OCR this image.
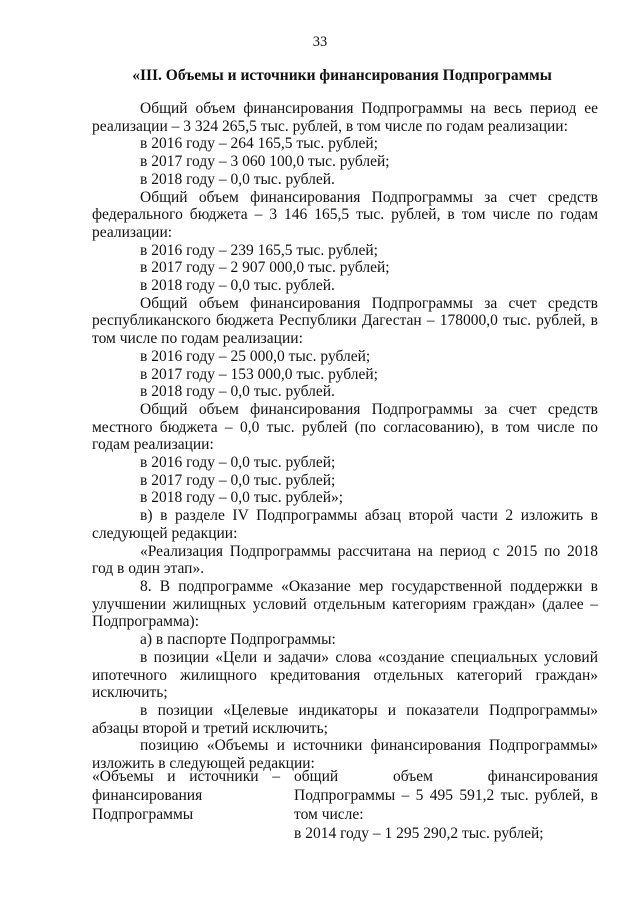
33
«III. Объемы и источники финансирования Подпрограммы

Общий объем финансирования Подпрограммы на весь период ее реализации – 3 324 265,5 тыс. рублей, в том числе по годам реализации:

в 2016 году – 264 165,5 тыс. рублей;

в 2017 году – 3 060 100,0 тыс. рублей;

в 2018 году – 0,0 тыс. рублей.

Общий объем финансирования Подпрограммы за счет средств федерального бюджета – 3 146 165,5 тыс. рублей, в том числе по годам реализации:

в 2016 году – 239 165,5 тыс. рублей;

в 2017 году – 2 907 000,0 тыс. рублей;

в 2018 году – 0,0 тыс. рублей.

Общий объем финансирования Подпрограммы за счет средств республиканского бюджета Республики Дагестан – 178000,0 тыс. рублей, в том числе по годам реализации:

в 2016 году – 25 000,0 тыс. рублей;

в 2017 году – 153 000,0 тыс. рублей;

в 2018 году – 0,0 тыс. рублей.

Общий объем финансирования Подпрограммы за счет средств местного бюджета – 0,0 тыс. рублей (по согласованию), в том числе по годам реализации:

в 2016 году – 0,0 тыс. рублей;

в 2017 году – 0,0 тыс. рублей;

в 2018 году – 0,0 тыс. рублей»;

в) в разделе IV Подпрограммы абзац второй части 2 изложить в следующей редакции:

«Реализация Подпрограммы рассчитана на период с 2015 по 2018 год в один этап».

8. В подпрограмме «Оказание мер государственной поддержки в улучшении жилищных условий отдельным категориям граждан» (далее – Подпрограмма):

а) в паспорте Подпрограммы:

в позиции «Цели и задачи» слова «создание специальных условий ипотечного жилищного кредитования отдельных категорий граждан» исключить;

в позиции «Целевые индикаторы и показатели Подпрограммы» абзацы второй и третий исключить;

позицию «Объемы и источники финансирования Подпрограммы» изложить в следующей редакции:

«Объемы и источники –
финансирования Подпрограммы

общий объем финансирования Подпрограммы – 5 495 591,2 тыс. рублей, в том числе:

в 2014 году – 1 295 290,2 тыс. рублей;
